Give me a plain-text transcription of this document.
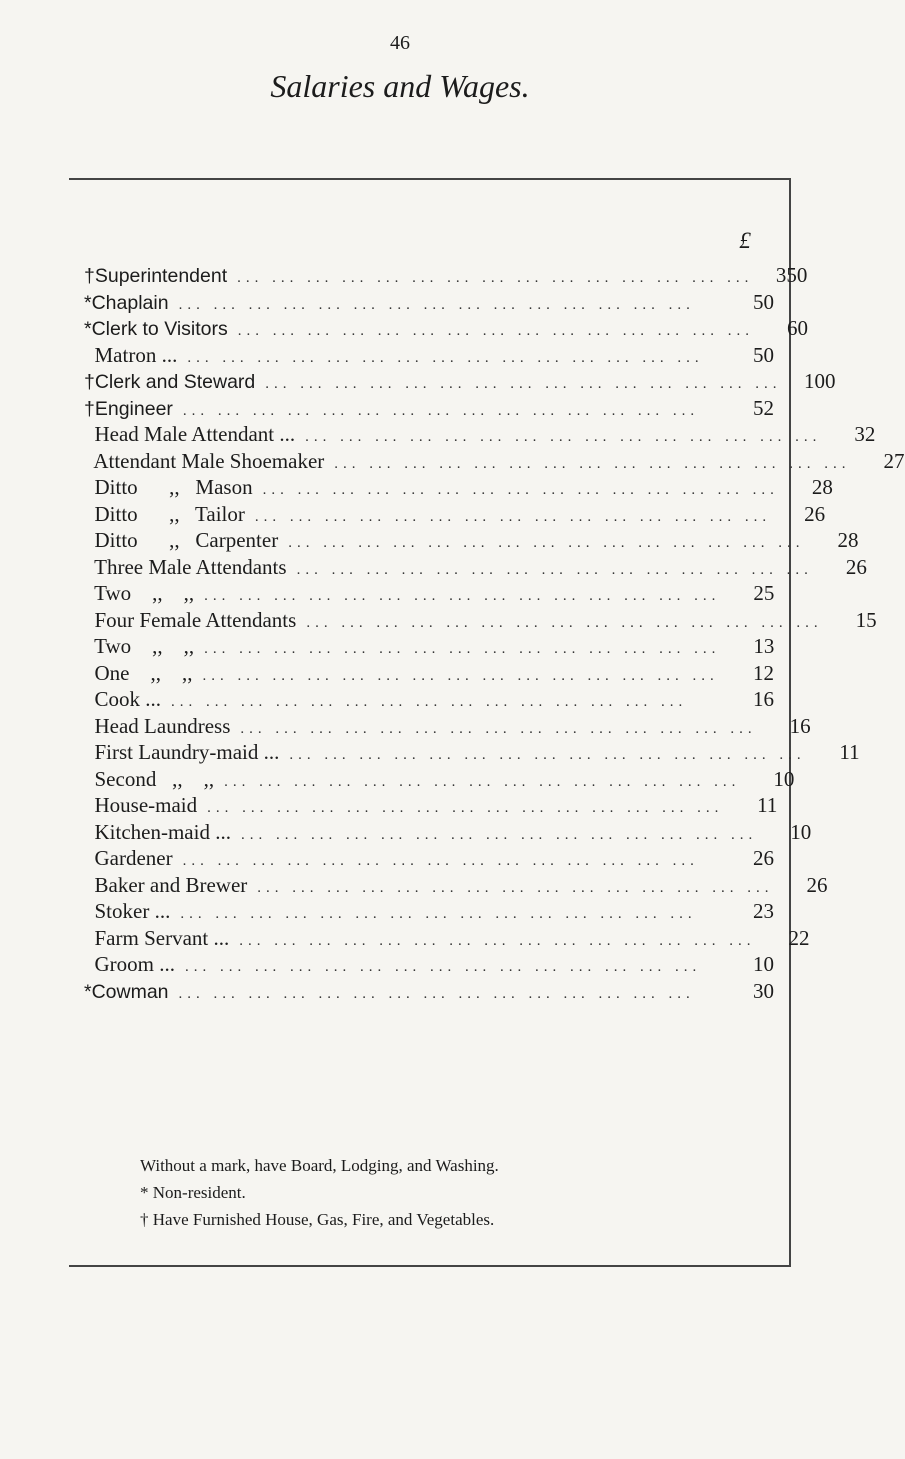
46
Salaries and Wages.
£
†Superintendent ... ... ... ... ... ... ... ... ... ... ... ... ... ... ...	350
*Chaplain ... ... ... ... ... ... ... ... ... ... ... ... ... ... ...	50
*Clerk to Visitors ... ... ... ... ... ... ... ... ... ... ... ... ... ... ...	60
Matron ... ... ... ... ... ... ... ... ... ... ... ... ... ... ... ...	50
†Clerk and Steward ... ... ... ... ... ... ... ... ... ... ... ... ... ... ...	100
†Engineer ... ... ... ... ... ... ... ... ... ... ... ... ... ... ...	52
Head Male Attendant ... ... ... ... ... ... ... ... ... ... ... ... ... ... ... ...	32
Attendant Male Shoemaker ... ... ... ... ... ... ... ... ... ... ... ... ... ... ...	27
Ditto      ,,   Mason ... ... ... ... ... ... ... ... ... ... ... ... ... ... ...	28
Ditto      ,,   Tailor ... ... ... ... ... ... ... ... ... ... ... ... ... ... ...	26
Ditto      ,,   Carpenter ... ... ... ... ... ... ... ... ... ... ... ... ... ... ...	28
Three Male Attendants ... ... ... ... ... ... ... ... ... ... ... ... ... ... ...	26
Two    ,,    ,, ... ... ... ... ... ... ... ... ... ... ... ... ... ... ...	25
Four Female Attendants ... ... ... ... ... ... ... ... ... ... ... ... ... ... ...	15
Two    ,,    ,, ... ... ... ... ... ... ... ... ... ... ... ... ... ... ...	13
One    ,,    ,, ... ... ... ... ... ... ... ... ... ... ... ... ... ... ...	12
Cook ... ... ... ... ... ... ... ... ... ... ... ... ... ... ... ...	16
Head Laundress ... ... ... ... ... ... ... ... ... ... ... ... ... ... ...	16
First Laundry-maid ... ... ... ... ... ... ... ... ... ... ... ... ... ... ... ...	11
Second   ,,    ,, ... ... ... ... ... ... ... ... ... ... ... ... ... ... ...	10
House-maid ... ... ... ... ... ... ... ... ... ... ... ... ... ... ...	11
Kitchen-maid ... ... ... ... ... ... ... ... ... ... ... ... ... ... ... ...	10
Gardener ... ... ... ... ... ... ... ... ... ... ... ... ... ... ...	26
Baker and Brewer ... ... ... ... ... ... ... ... ... ... ... ... ... ... ...	26
Stoker ... ... ... ... ... ... ... ... ... ... ... ... ... ... ... ...	23
Farm Servant ... ... ... ... ... ... ... ... ... ... ... ... ... ... ... ...	22
Groom ... ... ... ... ... ... ... ... ... ... ... ... ... ... ... ...	10
*Cowman ... ... ... ... ... ... ... ... ... ... ... ... ... ... ...	30
Without a mark, have Board, Lodging, and Washing.
* Non-resident.
† Have Furnished House, Gas, Fire, and Vegetables.
